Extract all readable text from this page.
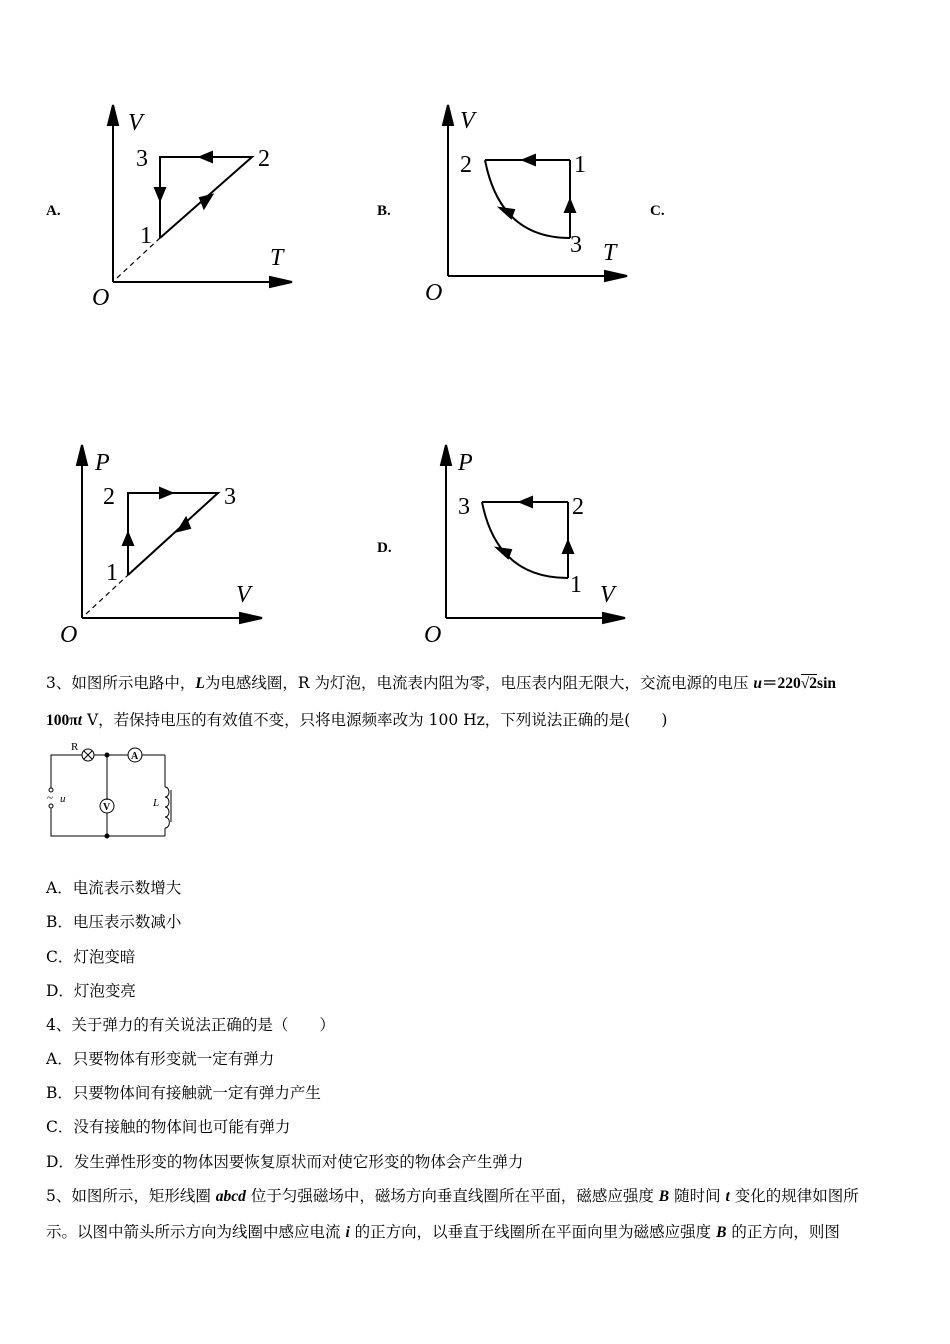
V
3	2
1
T
O
V
2	1
3 T
O
P
2	3
1
V
O
P
3	2
1 V
O
R
A
V	L
u
~
A.	B.	C.
D.
3、如图所示电路中，L为电感线圈，R 为灯泡，电流表内阻为零，电压表内阻无限大，交流电源的电压 u＝220√2sin
100πt V，若保持电压的有效值不变，只将电源频率改为 100 Hz，下列说法正确的是(　　)
A．电流表示数增大
B．电压表示数减小
C．灯泡变暗
D．灯泡变亮
4、关于弹力的有关说法正确的是（　　）
A．只要物体有形变就一定有弹力
B．只要物体间有接触就一定有弹力产生
C．没有接触的物体间也可能有弹力
D．发生弹性形变的物体因要恢复原状而对使它形变的物体会产生弹力
5、如图所示，矩形线圈 abcd 位于匀强磁场中，磁场方向垂直线圈所在平面，磁感应强度 B 随时间 t 变化的规律如图所
示。以图中箭头所示方向为线圈中感应电流 i 的正方向，以垂直于线圈所在平面向里为磁感应强度 B 的正方向，则图
